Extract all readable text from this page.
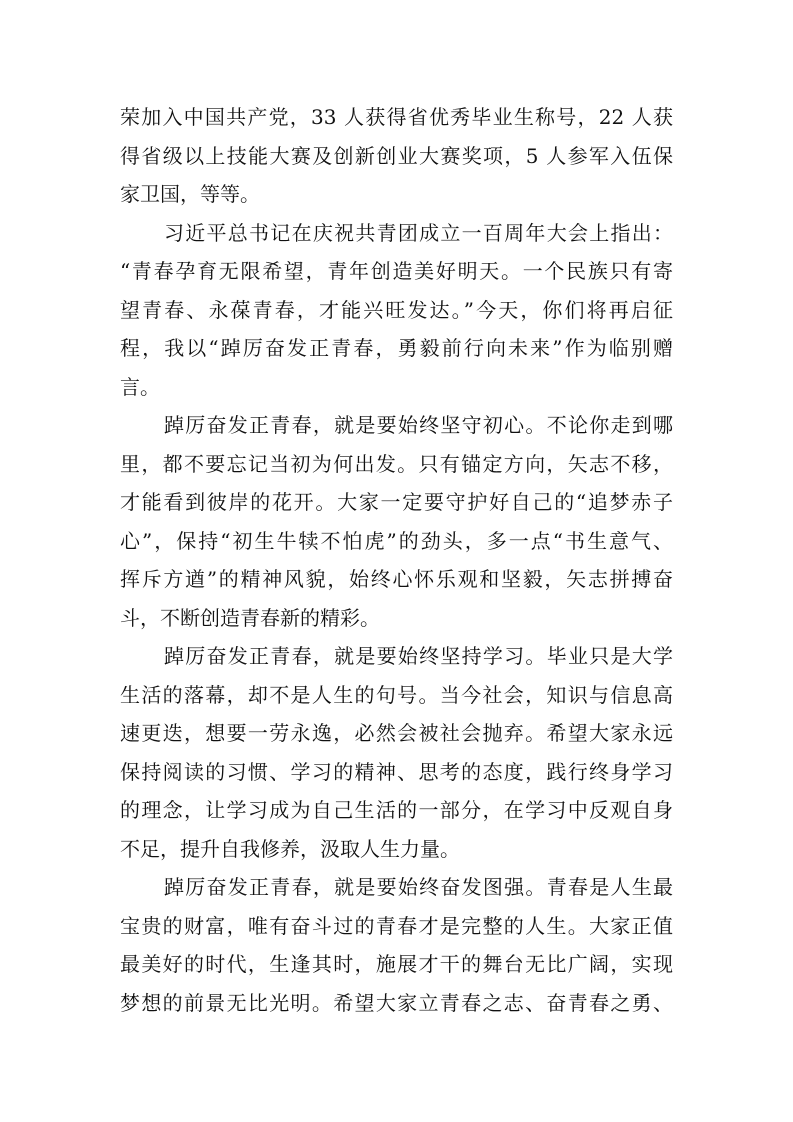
荣加入中国共产党，33 人获得省优秀毕业生称号，22 人获
得省级以上技能大赛及创新创业大赛奖项，5 人参军入伍保
家卫国，等等。
习近平总书记在庆祝共青团成立一百周年大会上指出：
“青春孕育无限希望，青年创造美好明天。一个民族只有寄
望青春、永葆青春，才能兴旺发达。”今天，你们将再启征
程，我以“踔厉奋发正青春，勇毅前行向未来”作为临别赠
言。
踔厉奋发正青春，就是要始终坚守初心。不论你走到哪
里，都不要忘记当初为何出发。只有锚定方向，矢志不移，
才能看到彼岸的花开。大家一定要守护好自己的“追梦赤子
心”，保持“初生牛犊不怕虎”的劲头，多一点“书生意气、
挥斥方遒”的精神风貌，始终心怀乐观和坚毅，矢志拼搏奋
斗，不断创造青春新的精彩。
踔厉奋发正青春，就是要始终坚持学习。毕业只是大学
生活的落幕，却不是人生的句号。当今社会，知识与信息高
速更迭，想要一劳永逸，必然会被社会抛弃。希望大家永远
保持阅读的习惯、学习的精神、思考的态度，践行终身学习
的理念，让学习成为自己生活的一部分，在学习中反观自身
不足，提升自我修养，汲取人生力量。
踔厉奋发正青春，就是要始终奋发图强。青春是人生最
宝贵的财富，唯有奋斗过的青春才是完整的人生。大家正值
最美好的时代，生逢其时，施展才干的舞台无比广阔，实现
梦想的前景无比光明。希望大家立青春之志、奋青春之勇、
